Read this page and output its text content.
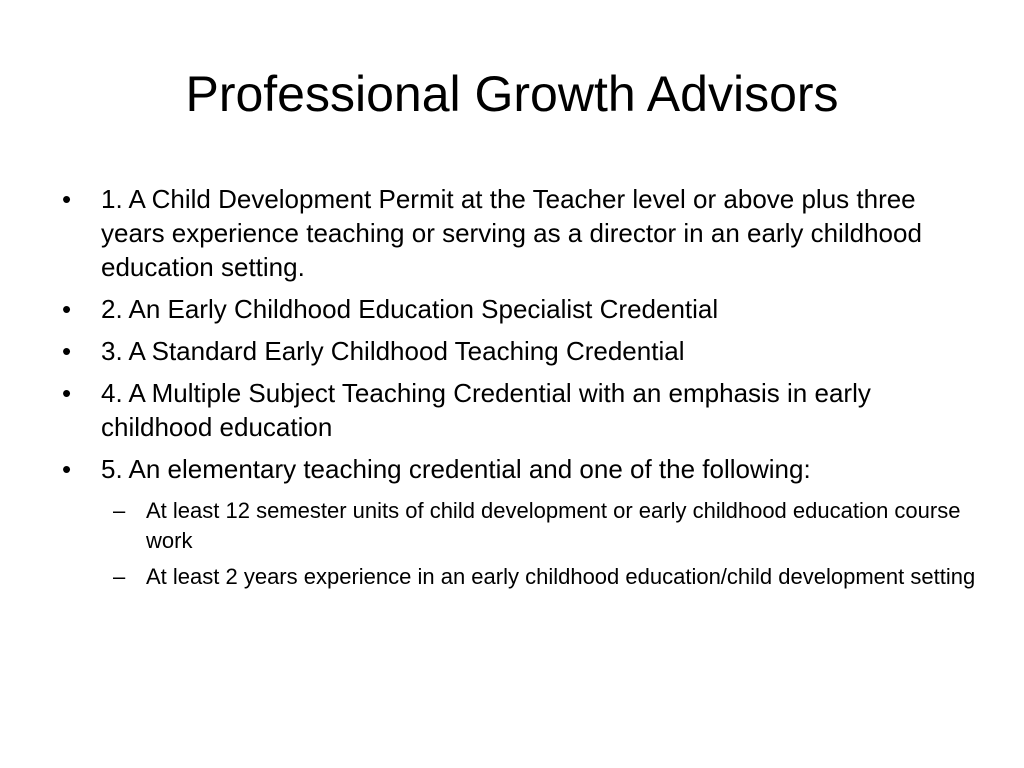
Professional Growth Advisors
• 1. A Child Development Permit at the Teacher level or above plus three years experience teaching or serving as a director in an early childhood education setting.
• 2. An Early Childhood Education Specialist Credential
• 3. A Standard Early Childhood Teaching Credential
• 4. A Multiple Subject Teaching Credential with an emphasis in early childhood education
• 5. An elementary teaching credential and one of the following:
– At least 12 semester units of child development or early childhood education course work
– At least 2 years experience in an early childhood education/child development setting
